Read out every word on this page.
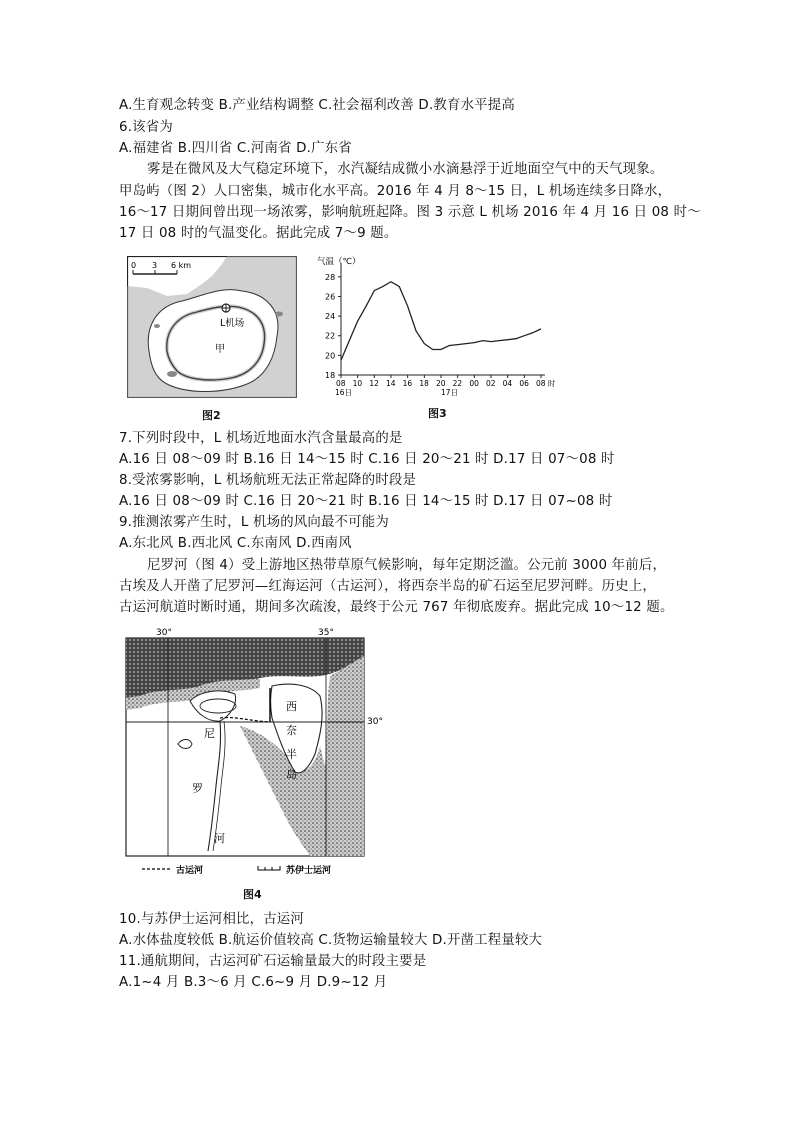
A.生育观念转变 B.产业结构调整 C.社会福利改善 D.教育水平提高
6.该省为
A.福建省 B.四川省 C.河南省 D.广东省
雾是在微风及大气稳定环境下，水汽凝结成微小水滴悬浮于近地面空气中的天气现象。
甲岛屿（图 2）人口密集，城市化水平高。2016 年 4 月 8～15 日，L 机场连续多日降水，
16～17 日期间曾出现一场浓雾，影响航班起降。图 3 示意 L 机场 2016 年 4 月 16 日 08 时～
17 日 08 时的气温变化。据此完成 7～9 题。
0 3 6 km
L机场
甲
图2
气温（℃）
28
26
24
22
20
18
08 10 12 14 16 18 20 22 00 02 04 06 08 时
16日	17日
图3
7.下列时段中，L 机场近地面水汽含量最高的是
A.16 日 08～09 时 B.16 日 14～15 时 C.16 日 20～21 时 D.17 日 07～08 时
8.受浓雾影响，L 机场航班无法正常起降的时段是
A.16 日 08～09 时 C.16 日 20～21 时 B.16 日 14～15 时 D.17 日 07~08 时
9.推测浓雾产生时，L 机场的风向最不可能为
A.东北风 B.西北风 C.东南风 D.西南风
尼罗河（图 4）受上游地区热带草原气候影响，每年定期泛滥。公元前 3000 年前后，
古埃及人开凿了尼罗河—红海运河（古运河），将西奈半岛的矿石运至尼罗河畔。历史上，
古运河航道时断时通，期间多次疏浚，最终于公元 767 年彻底废弃。据此完成 10～12 题。
30°	35°
30°
尼
罗
河
西
奈
半
岛
古运河	苏伊士运河
图4
10.与苏伊士运河相比，古运河
A.水体盐度较低 B.航运价值较高 C.货物运输量较大 D.开凿工程量较大
11.通航期间，古运河矿石运输量最大的时段主要是
A.1~4 月 B.3～6 月 C.6~9 月 D.9~12 月
